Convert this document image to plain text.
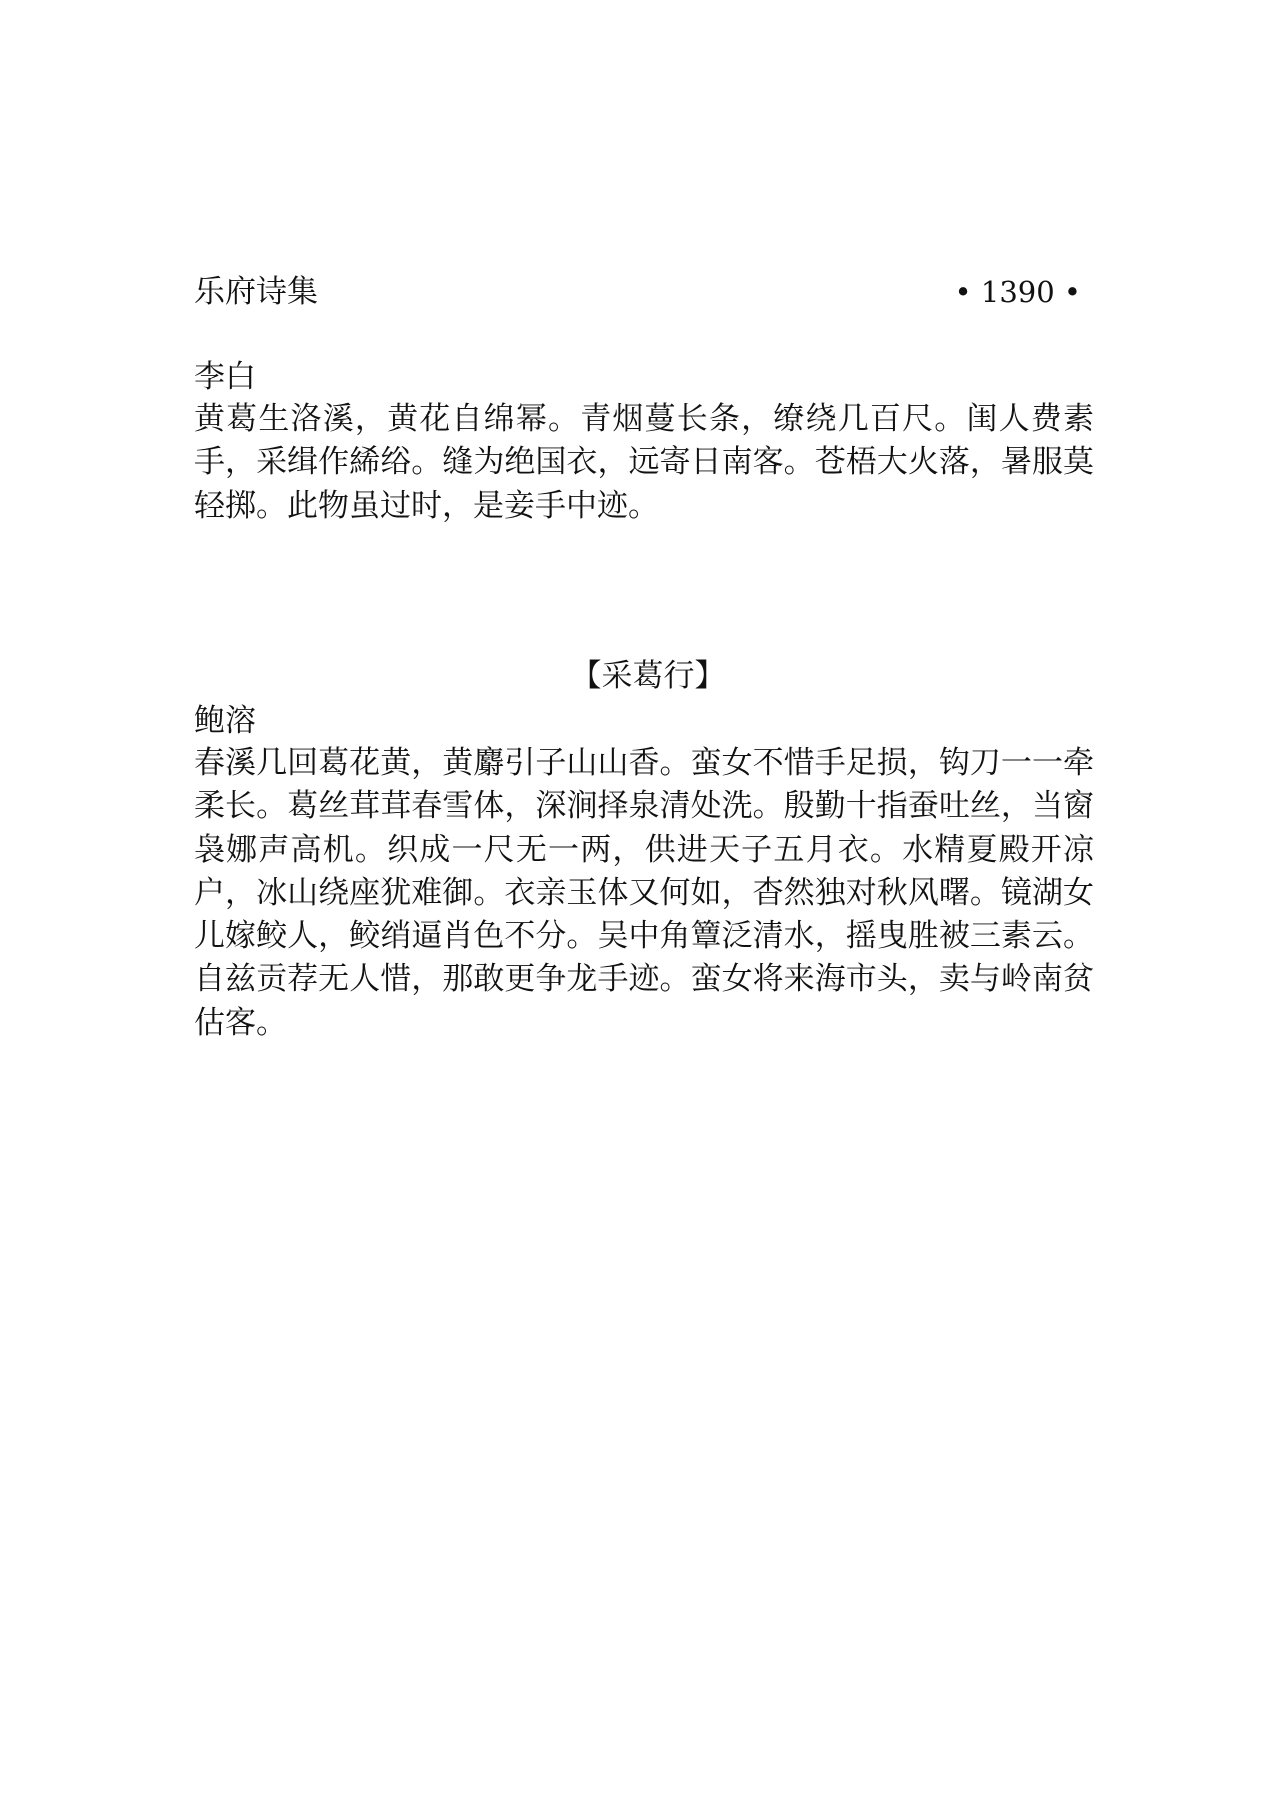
乐府诗集	• 1390 •

李白

黄葛生洛溪，黄花自绵幂。青烟蔓长条，缭绕几百尺。闺人费素手，采缉作絺绤。缝为绝国衣，远寄日南客。苍梧大火落，暑服莫轻掷。此物虽过时，是妾手中迹。

【采葛行】

鲍溶

春溪几回葛花黄，黄麝引子山山香。蛮女不惜手足损，钩刀一一牵柔长。葛丝茸茸春雪体，深涧择泉清处洗。殷勤十指蚕吐丝，当窗袅娜声高机。织成一尺无一两，供进天子五月衣。水精夏殿开凉户，冰山绕座犹难御。衣亲玉体又何如，杳然独对秋风曙。镜湖女儿嫁鲛人，鲛绡逼肖色不分。吴中角簟泛清水，摇曳胜被三素云。自兹贡荐无人惜，那敢更争龙手迹。蛮女将来海市头，卖与岭南贫估客。
